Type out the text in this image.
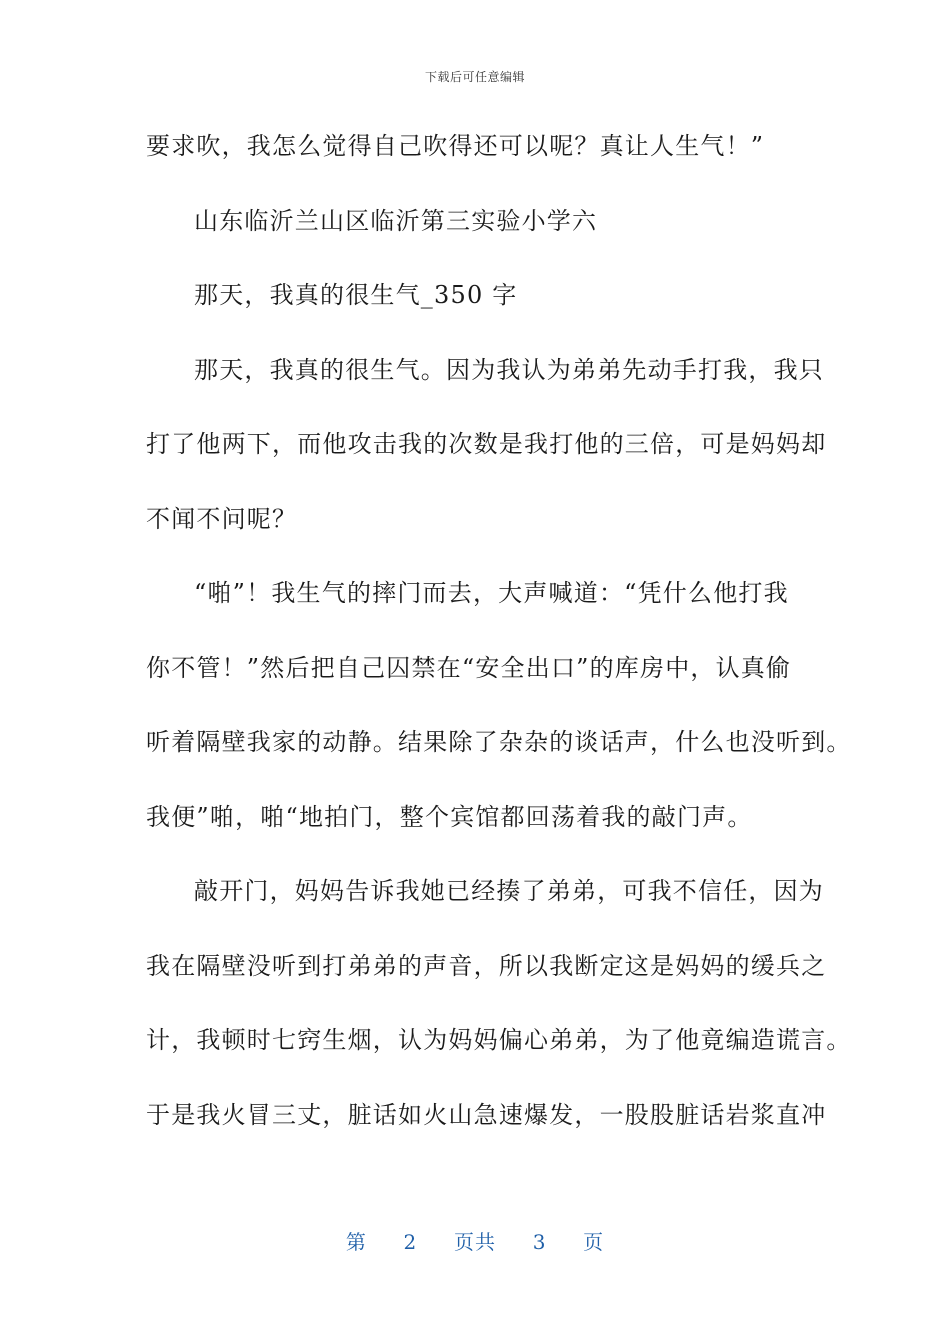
下载后可任意编辑
要求吹，我怎么觉得自己吹得还可以呢？真让人生气！”
山东临沂兰山区临沂第三实验小学六
那天，我真的很生气_350 字
那天，我真的很生气。因为我认为弟弟先动手打我，我只
打了他两下，而他攻击我的次数是我打他的三倍，可是妈妈却
不闻不问呢？
“啪”！我生气的摔门而去，大声喊道：“凭什么他打我
你不管！”然后把自己囚禁在“安全出口”的库房中，认真偷
听着隔壁我家的动静。结果除了杂杂的谈话声，什么也没听到。
我便”啪，啪“地拍门，整个宾馆都回荡着我的敲门声。
敲开门，妈妈告诉我她已经揍了弟弟，可我不信任，因为
我在隔壁没听到打弟弟的声音，所以我断定这是妈妈的缓兵之
计，我顿时七窍生烟，认为妈妈偏心弟弟，为了他竟编造谎言。
于是我火冒三丈，脏话如火山急速爆发，一股股脏话岩浆直冲
第 2 页共 3 页
